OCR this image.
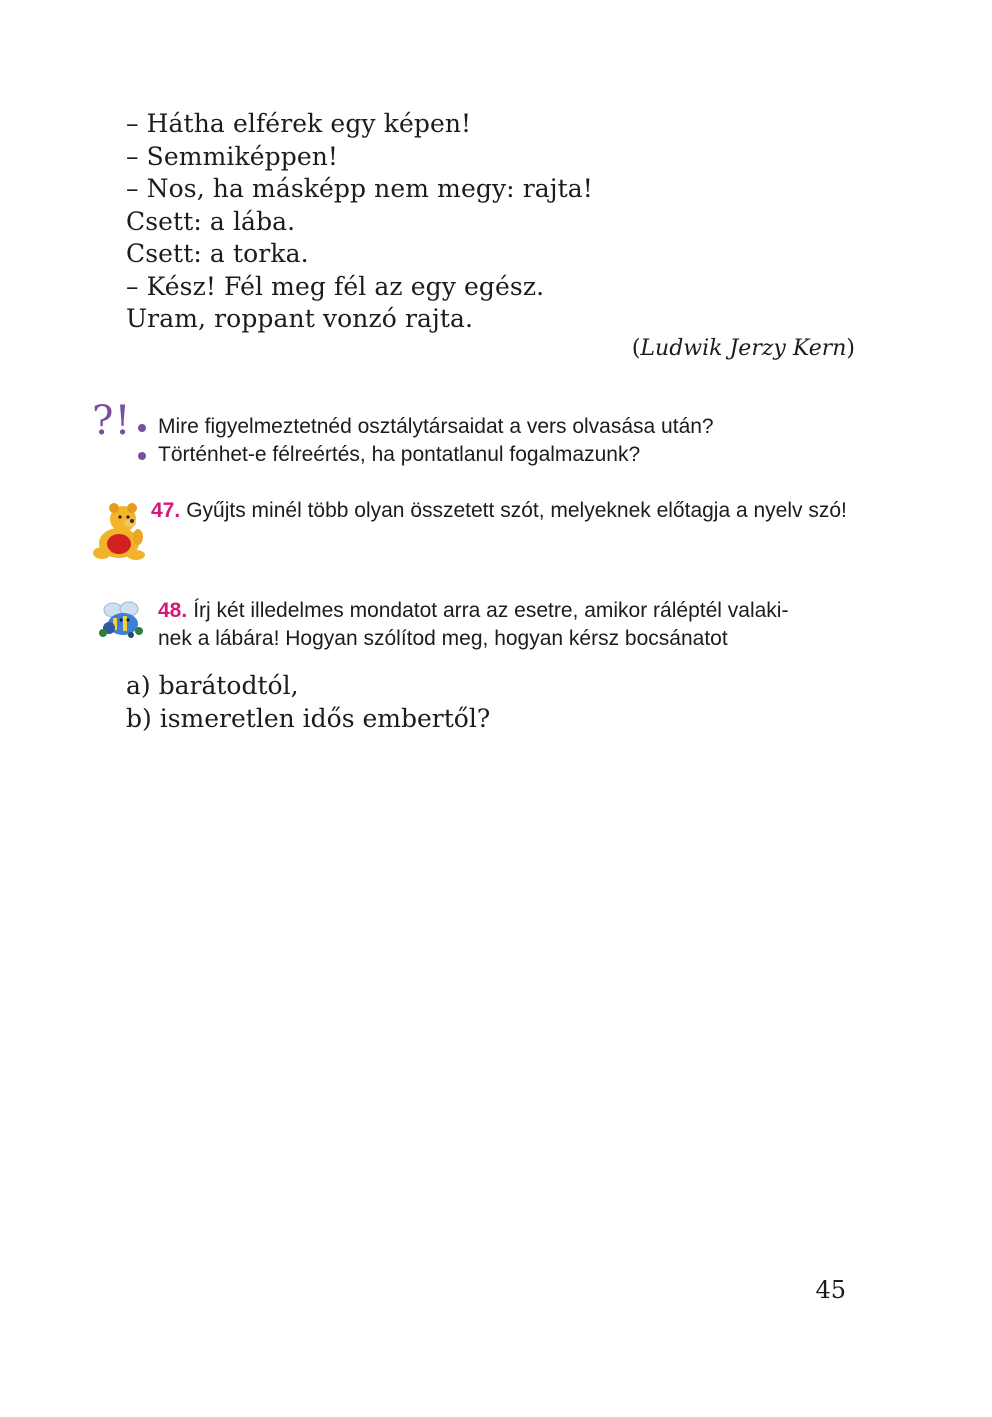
– Hátha elférek egy képen!
– Semmiképpen!
– Nos, ha másképp nem megy: rajta!
Csett: a lába.
Csett: a torka.
– Kész! Fél meg fél az egy egész.
Uram, roppant vonzó rajta.
(Ludwik Jerzy Kern)
?!	Mire figyelmeztetnéd osztálytársaidat a vers olvasása után?
Történhet-e félreértés, ha pontatlanul fogalmazunk?
47. Gyűjts minél több olyan összetett szót, melyeknek előtagja a nyelv szó!
48. Írj két illedelmes mondatot arra az esetre, amikor ráléptél valaki-
nek a lábára! Hogyan szólítod meg, hogyan kérsz bocsánatot
a) barátodtól,
b) ismeretlen idős embertől?
45
